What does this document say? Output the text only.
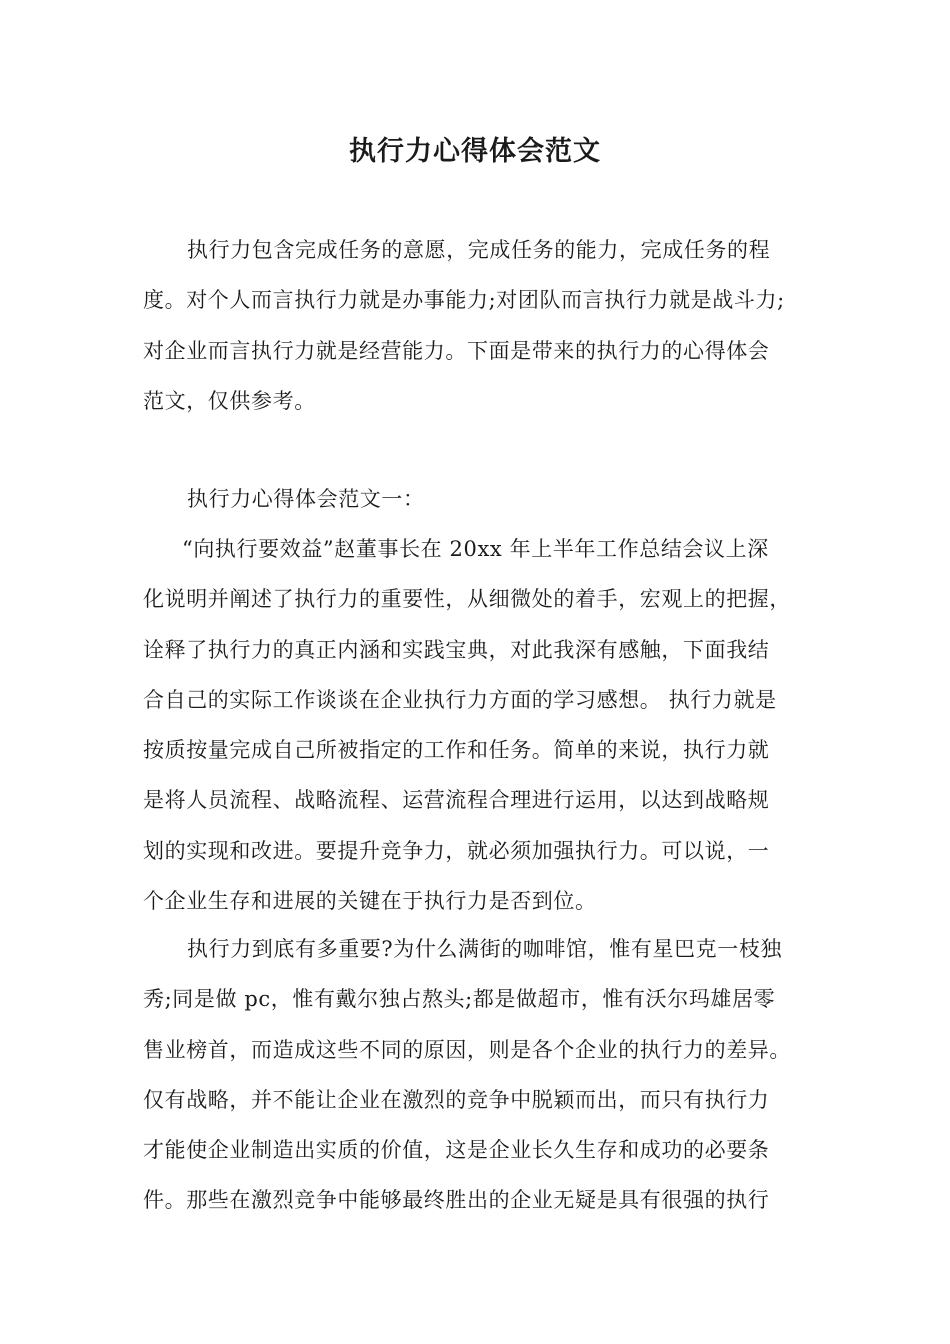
执行力心得体会范文

执行力包含完成任务的意愿，完成任务的能力，完成任务的程
度。对个人而言执行力就是办事能力;对团队而言执行力就是战斗力;
对企业而言执行力就是经营能力。下面是带来的执行力的心得体会
范文，仅供参考。

执行力心得体会范文一：

“向执行要效益”赵董事长在 20xx 年上半年工作总结会议上深
化说明并阐述了执行力的重要性，从细微处的着手，宏观上的把握，
诠释了执行力的真正内涵和实践宝典，对此我深有感触，下面我结
合自己的实际工作谈谈在企业执行力方面的学习感想。 执行力就是
按质按量完成自己所被指定的工作和任务。简单的来说，执行力就
是将人员流程、战略流程、运营流程合理进行运用，以达到战略规
划的实现和改进。要提升竞争力，就必须加强执行力。可以说，一
个企业生存和进展的关键在于执行力是否到位。

执行力到底有多重要?为什么满街的咖啡馆，惟有星巴克一枝独
秀;同是做 pc，惟有戴尔独占熬头;都是做超市，惟有沃尔玛雄居零
售业榜首，而造成这些不同的原因，则是各个企业的执行力的差异。
仅有战略，并不能让企业在激烈的竞争中脱颖而出，而只有执行力
才能使企业制造出实质的价值，这是企业长久生存和成功的必要条
件。那些在激烈竞争中能够最终胜出的企业无疑是具有很强的执行
